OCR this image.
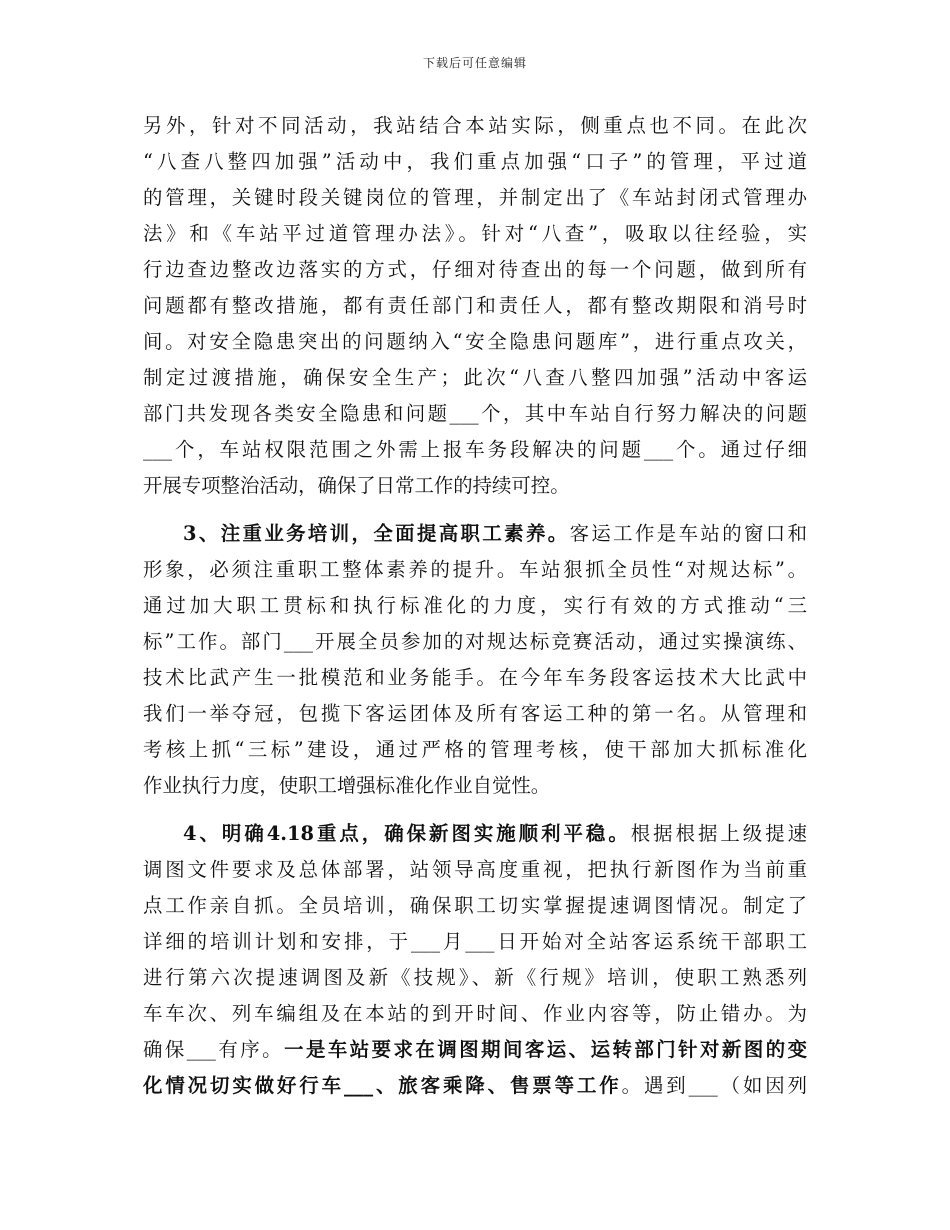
下载后可任意编辑
另外，针对不同活动，我站结合本站实际，侧重点也不同。在此次
“八查八整四加强”活动中，我们重点加强“口子”的管理，平过道
的管理，关键时段关键岗位的管理，并制定出了《车站封闭式管理办
法》和《车站平过道管理办法》。针对“八查”，吸取以往经验，实
行边查边整改边落实的方式，仔细对待查出的每一个问题，做到所有
问题都有整改措施，都有责任部门和责任人，都有整改期限和消号时
间。对安全隐患突出的问题纳入“安全隐患问题库”，进行重点攻关，
制定过渡措施，确保安全生产；此次“八查八整四加强”活动中客运
部门共发现各类安全隐患和问题___个，其中车站自行努力解决的问题
___个，车站权限范围之外需上报车务段解决的问题___个。通过仔细
开展专项整治活动，确保了日常工作的持续可控。
3、注重业务培训，全面提高职工素养。客运工作是车站的窗口和
形象，必须注重职工整体素养的提升。车站狠抓全员性“对规达标”。
通过加大职工贯标和执行标准化的力度，实行有效的方式推动“三
标”工作。部门___开展全员参加的对规达标竞赛活动，通过实操演练、
技术比武产生一批模范和业务能手。在今年车务段客运技术大比武中
我们一举夺冠，包揽下客运团体及所有客运工种的第一名。从管理和
考核上抓“三标”建设，通过严格的管理考核，使干部加大抓标准化
作业执行力度，使职工增强标准化作业自觉性。
4、明确4.18重点，确保新图实施顺利平稳。根据根据上级提速
调图文件要求及总体部署，站领导高度重视，把执行新图作为当前重
点工作亲自抓。全员培训，确保职工切实掌握提速调图情况。制定了
详细的培训计划和安排，于___月___日开始对全站客运系统干部职工
进行第六次提速调图及新《技规》、新《行规》培训，使职工熟悉列
车车次、列车编组及在本站的到开时间、作业内容等，防止错办。为
确保___有序。一是车站要求在调图期间客运、运转部门针对新图的变
化情况切实做好行车___、旅客乘降、售票等工作。遇到___（如因列
